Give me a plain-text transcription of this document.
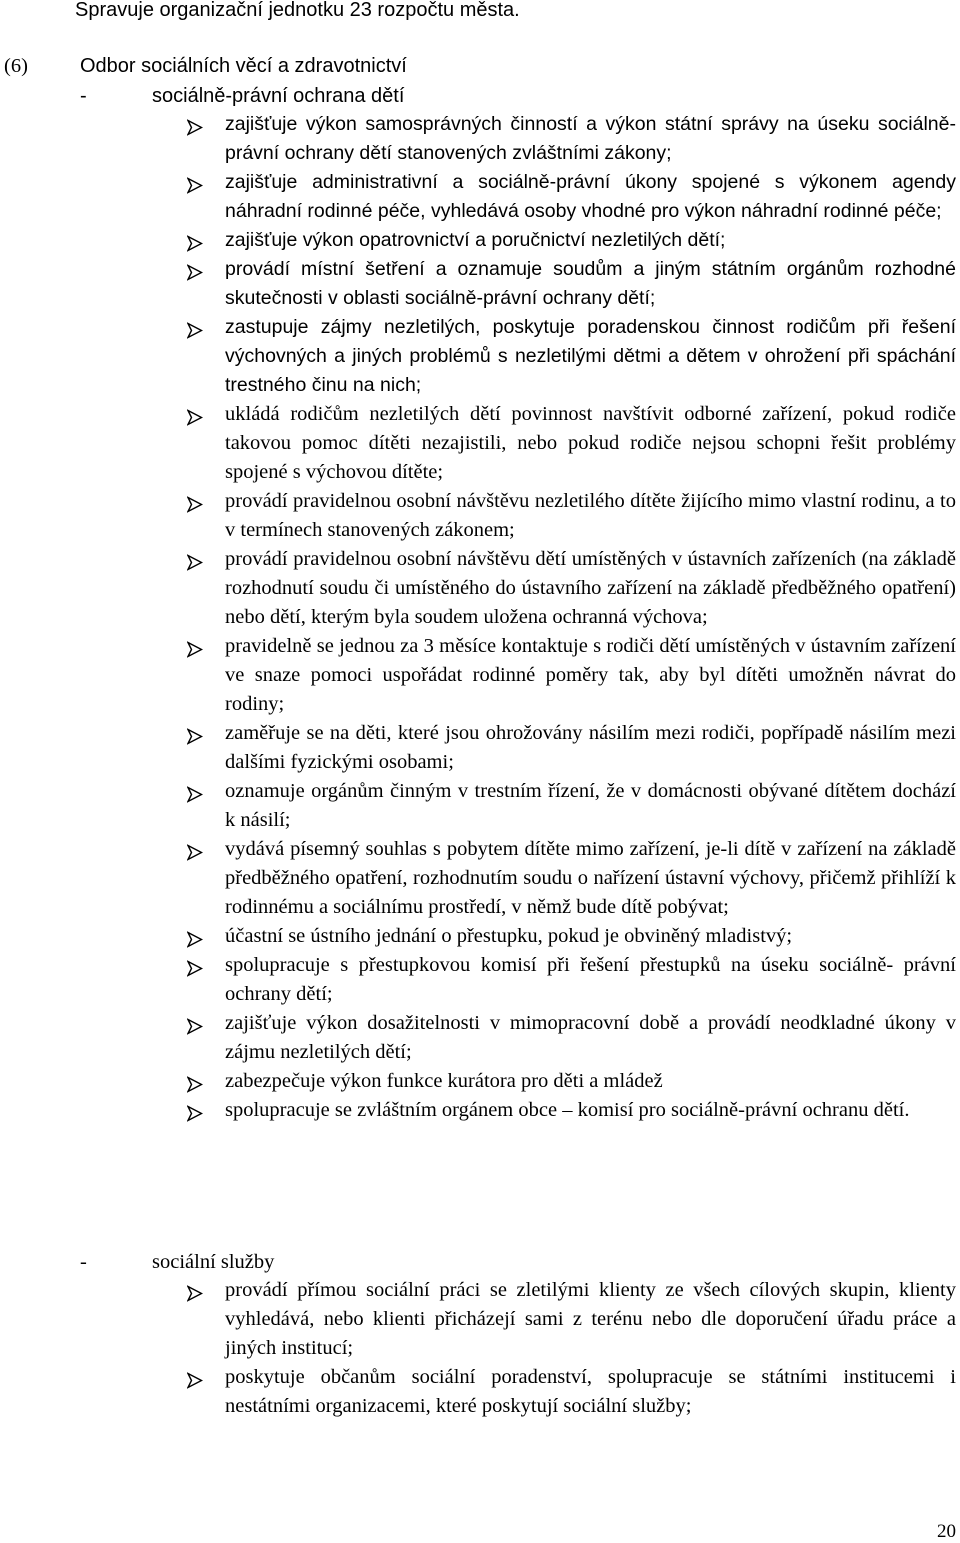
Spravuje organizační jednotku 23 rozpočtu města.
(6)	Odbor sociálních věcí a zdravotnictví
-	sociálně-právní ochrana dětí
zajišťuje výkon samosprávných činností a výkon státní správy na úseku sociálně-právní ochrany dětí stanovených zvláštními zákony;
zajišťuje administrativní a sociálně-právní úkony spojené s výkonem agendy náhradní rodinné péče, vyhledává osoby vhodné pro výkon náhradní rodinné péče;
zajišťuje výkon opatrovnictví a poručnictví nezletilých dětí;
provádí místní šetření a oznamuje soudům a jiným státním orgánům rozhodné skutečnosti v oblasti sociálně-právní ochrany dětí;
zastupuje zájmy nezletilých, poskytuje poradenskou činnost rodičům při řešení výchovných a jiných problémů s nezletilými dětmi a dětem v ohrožení při spáchání trestného činu na nich;
ukládá rodičům nezletilých dětí povinnost navštívit odborné zařízení, pokud rodiče takovou pomoc dítěti nezajistili, nebo pokud rodiče nejsou schopni řešit problémy spojené s výchovou dítěte;
provádí pravidelnou osobní návštěvu nezletilého dítěte žijícího mimo vlastní rodinu, a to v termínech stanovených zákonem;
provádí pravidelnou osobní návštěvu dětí umístěných v ústavních zařízeních (na základě rozhodnutí soudu či umístěného do ústavního zařízení na základě předběžného opatření) nebo dětí, kterým byla soudem uložena ochranná výchova;
pravidelně se jednou za 3 měsíce kontaktuje s rodiči dětí umístěných v ústavním zařízení ve snaze pomoci uspořádat rodinné poměry tak, aby byl dítěti umožněn návrat do rodiny;
zaměřuje se na děti, které jsou ohrožovány násilím mezi rodiči, popřípadě násilím mezi dalšími fyzickými osobami;
oznamuje orgánům činným v trestním řízení, že v domácnosti obývané dítětem dochází k násilí;
vydává písemný souhlas s pobytem dítěte mimo zařízení, je-li dítě v zařízení na základě předběžného opatření, rozhodnutím soudu o nařízení ústavní výchovy, přičemž přihlíží k rodinnému a sociálnímu prostředí, v němž bude dítě pobývat;
účastní se ústního jednání o přestupku, pokud je obviněný mladistvý;
spolupracuje s přestupkovou komisí při řešení přestupků na úseku sociálně- právní ochrany dětí;
zajišťuje výkon dosažitelnosti v mimopracovní době a provádí neodkladné úkony v zájmu nezletilých dětí;
zabezpečuje výkon funkce kurátora pro děti a mládež
spolupracuje se zvláštním orgánem obce – komisí pro sociálně-právní ochranu dětí.
-	sociální služby
provádí přímou sociální práci se zletilými klienty ze všech cílových skupin, klienty vyhledává, nebo klienti přicházejí sami z terénu nebo dle doporučení úřadu práce a jiných institucí;
poskytuje občanům sociální poradenství, spolupracuje se státními institucemi i nestátními organizacemi, které poskytují sociální služby;
20
